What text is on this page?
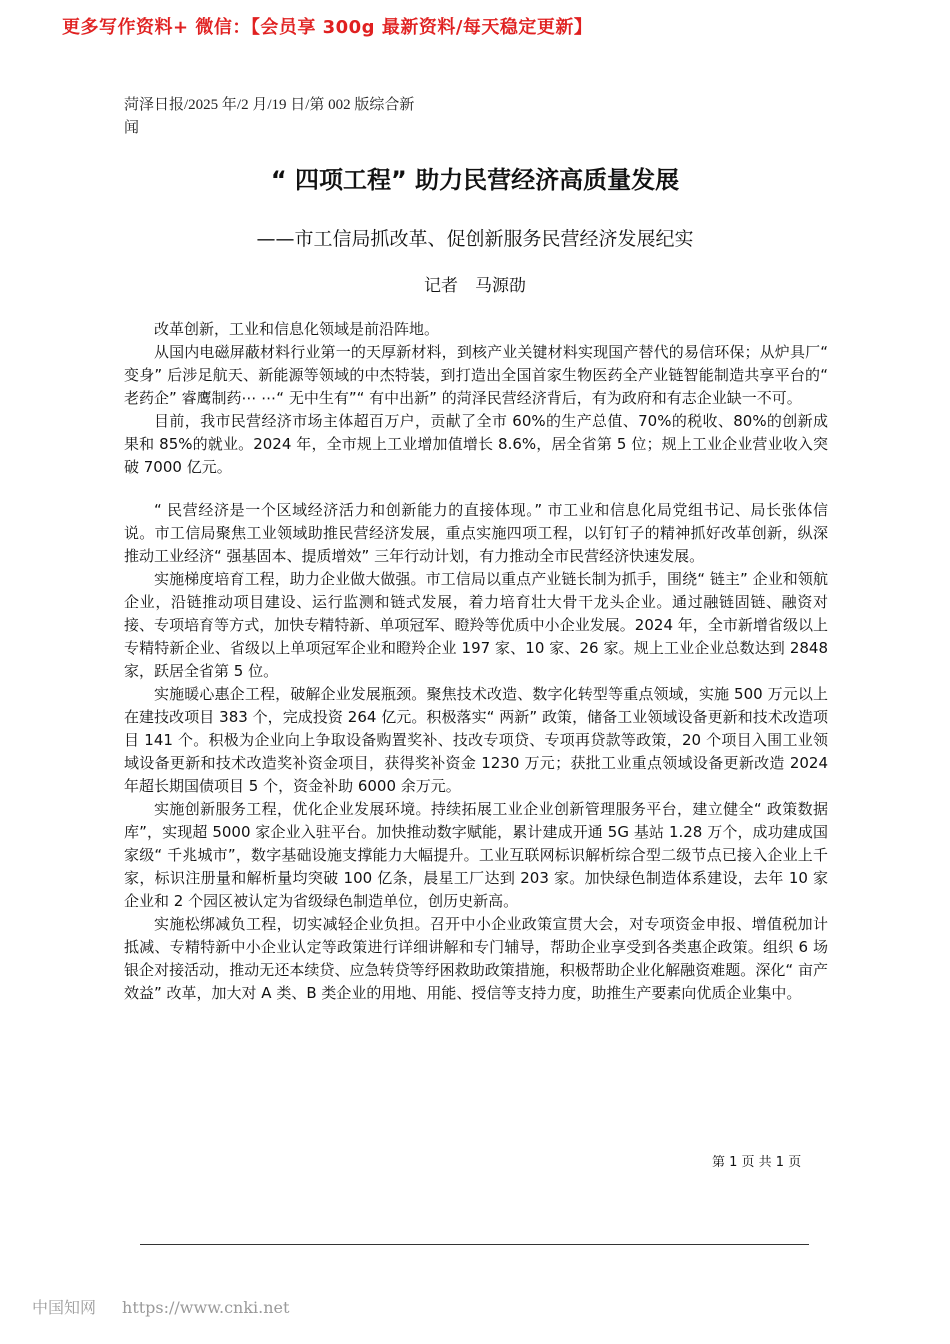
更多写作资料+ 微信：【会员享 300g 最新资料/每天稳定更新】
菏泽日报/2025 年/2 月/19 日/第 002 版综合新闻
“ 四项工程” 助力民营经济高质量发展
——市工信局抓改革、促创新服务民营经济发展纪实
记者　马源劭

改革创新，工业和信息化领域是前沿阵地。

从国内电磁屏蔽材料行业第一的天厚新材料，到核产业关键材料实现国产替代的易信环保；从炉具厂“ 变身” 后涉足航天、新能源等领域的中杰特装，到打造出全国首家生物医药全产业链智能制造共享平台的“ 老药企” 睿鹰制药⋯ ⋯“ 无中生有”“ 有中出新” 的菏泽民营经济背后，有为政府和有志企业缺一不可。

目前，我市民营经济市场主体超百万户，贡献了全市 60%的生产总值、70%的税收、80%的创新成果和 85%的就业。2024 年，全市规上工业增加值增长 8.6%，居全省第 5 位；规上工业企业营业收入突破 7000 亿元。

“ 民营经济是一个区域经济活力和创新能力的直接体现。” 市工业和信息化局党组书记、局长张体信说。市工信局聚焦工业领域助推民营经济发展，重点实施四项工程，以钉钉子的精神抓好改革创新，纵深推动工业经济“ 强基固本、提质增效” 三年行动计划，有力推动全市民营经济快速发展。

实施梯度培育工程，助力企业做大做强。市工信局以重点产业链长制为抓手，围绕“ 链主” 企业和领航企业，沿链推动项目建设、运行监测和链式发展，着力培育壮大骨干龙头企业。通过融链固链、融资对接、专项培育等方式，加快专精特新、单项冠军、瞪羚等优质中小企业发展。2024 年，全市新增省级以上专精特新企业、省级以上单项冠军企业和瞪羚企业 197 家、10 家、26 家。规上工业企业总数达到 2848 家，跃居全省第 5 位。

实施暖心惠企工程，破解企业发展瓶颈。聚焦技术改造、数字化转型等重点领域，实施 500 万元以上在建技改项目 383 个，完成投资 264 亿元。积极落实“ 两新” 政策，储备工业领域设备更新和技术改造项目 141 个。积极为企业向上争取设备购置奖补、技改专项贷、专项再贷款等政策，20 个项目入围工业领域设备更新和技术改造奖补资金项目，获得奖补资金 1230 万元；获批工业重点领域设备更新改造 2024 年超长期国债项目 5 个，资金补助 6000 余万元。

实施创新服务工程，优化企业发展环境。持续拓展工业企业创新管理服务平台，建立健全“ 政策数据库”，实现超 5000 家企业入驻平台。加快推动数字赋能，累计建成开通 5G 基站 1.28 万个，成功建成国家级“ 千兆城市”，数字基础设施支撑能力大幅提升。工业互联网标识解析综合型二级节点已接入企业上千家，标识注册量和解析量均突破 100 亿条，晨星工厂达到 203 家。加快绿色制造体系建设，去年 10 家企业和 2 个园区被认定为省级绿色制造单位，创历史新高。

实施松绑减负工程，切实减轻企业负担。召开中小企业政策宣贯大会，对专项资金申报、增值税加计抵减、专精特新中小企业认定等政策进行详细讲解和专门辅导，帮助企业享受到各类惠企政策。组织 6 场银企对接活动，推动无还本续贷、应急转贷等纾困救助政策措施，积极帮助企业化解融资难题。深化“ 亩产效益” 改革，加大对 A 类、B 类企业的用地、用能、授信等支持力度，助推生产要素向优质企业集中。

第 1 页 共 1 页
中国知网 https://www.cnki.net
